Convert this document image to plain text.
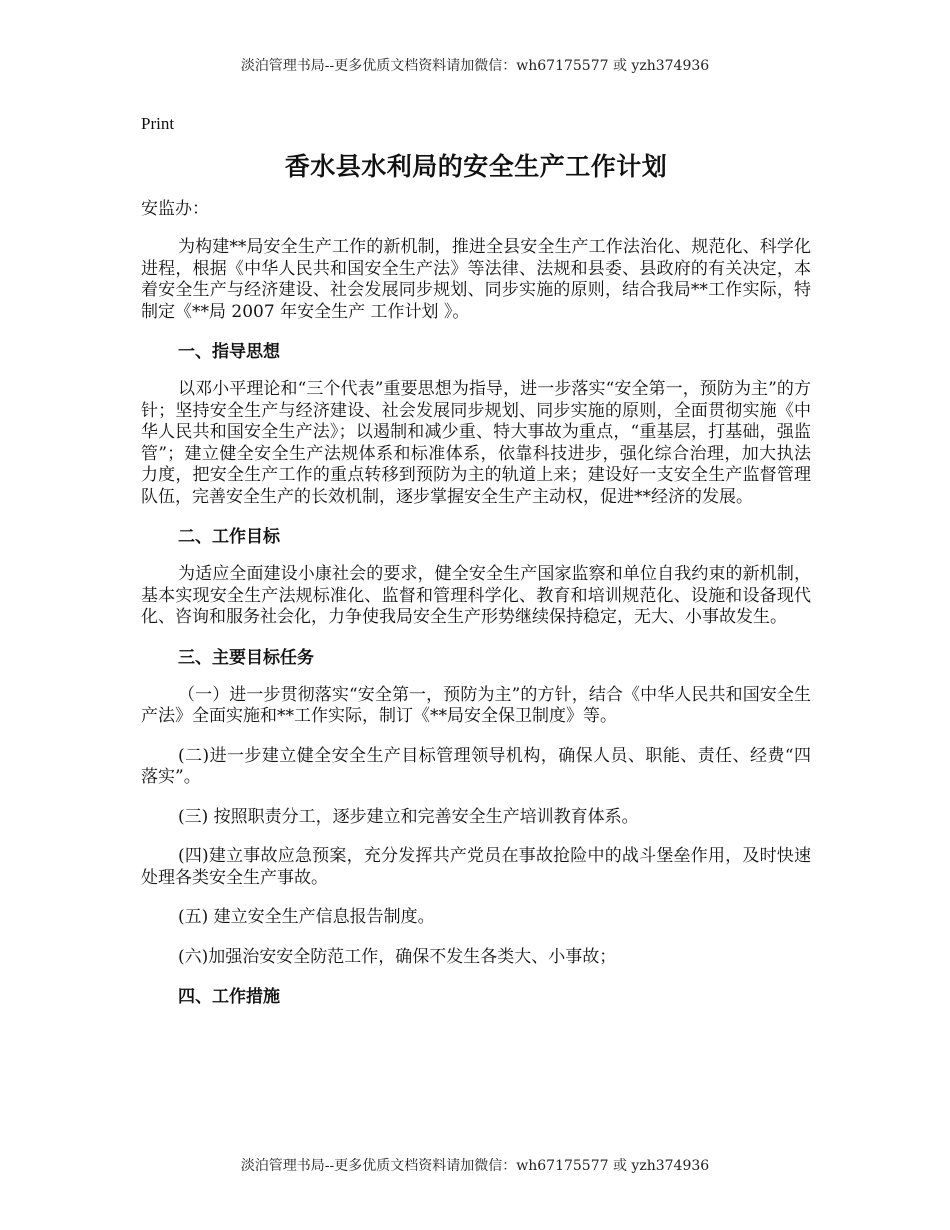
淡泊管理书局--更多优质文档资料请加微信：wh67175577 或 yzh374936
Print
香水县水利局的安全生产工作计划
安监办：

为构建**局安全生产工作的新机制，推进全县安全生产工作法治化、规范化、科学化进程，根据《中华人民共和国安全生产法》等法律、法规和县委、县政府的有关决定，本着安全生产与经济建设、社会发展同步规划、同步实施的原则，结合我局**工作实际，特制定《**局 2007 年安全生产 工作计划 》。

一、指导思想

以邓小平理论和“三个代表”重要思想为指导，进一步落实“安全第一，预防为主”的方针；坚持安全生产与经济建设、社会发展同步规划、同步实施的原则，全面贯彻实施《中华人民共和国安全生产法》；以遏制和减少重、特大事故为重点，“重基层，打基础，强监管”；建立健全安全生产法规体系和标准体系，依靠科技进步，强化综合治理，加大执法力度，把安全生产工作的重点转移到预防为主的轨道上来；建设好一支安全生产监督管理队伍，完善安全生产的长效机制，逐步掌握安全生产主动权，促进**经济的发展。

二、工作目标

为适应全面建设小康社会的要求，健全安全生产国家监察和单位自我约束的新机制，基本实现安全生产法规标准化、监督和管理科学化、教育和培训规范化、设施和设备现代化、咨询和服务社会化，力争使我局安全生产形势继续保持稳定，无大、小事故发生。

三、主要目标任务

（一）进一步贯彻落实“安全第一，预防为主”的方针，结合《中华人民共和国安全生产法》全面实施和**工作实际，制订《**局安全保卫制度》等。

(二)进一步建立健全安全生产目标管理领导机构，确保人员、职能、责任、经费“四落实”。

(三) 按照职责分工，逐步建立和完善安全生产培训教育体系。

(四)建立事故应急预案，充分发挥共产党员在事故抢险中的战斗堡垒作用，及时快速处理各类安全生产事故。

(五) 建立安全生产信息报告制度。

(六)加强治安安全防范工作，确保不发生各类大、小事故；

四、工作措施
淡泊管理书局--更多优质文档资料请加微信：wh67175577 或 yzh374936
